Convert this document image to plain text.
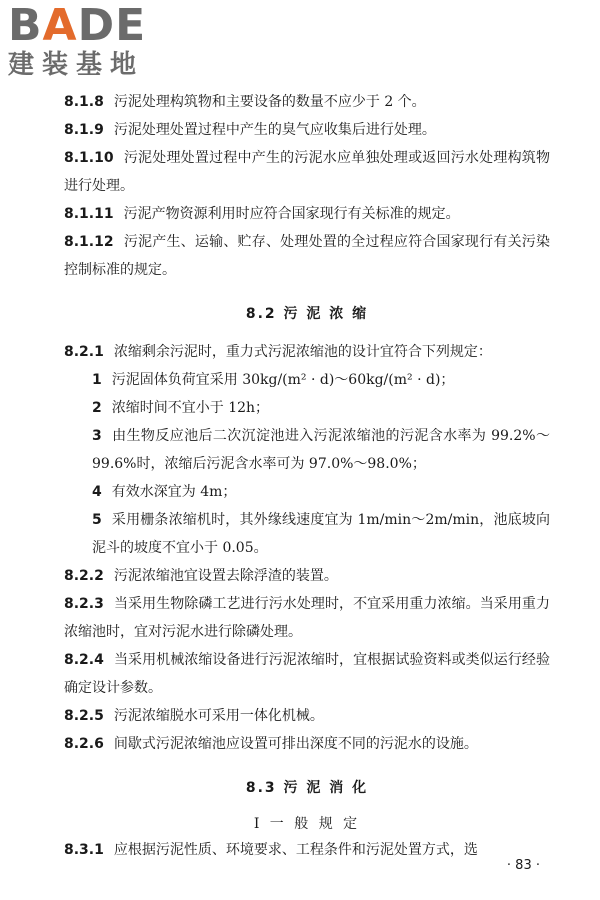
BADE
建装基地

8.1.8 污泥处理构筑物和主要设备的数量不应少于 2 个。

8.1.9 污泥处理处置过程中产生的臭气应收集后进行处理。

8.1.10 污泥处理处置过程中产生的污泥水应单独处理或返回污水处理构筑物进行处理。

8.1.11 污泥产物资源利用时应符合国家现行有关标准的规定。

8.1.12 污泥产生、运输、贮存、处理处置的全过程应符合国家现行有关污染控制标准的规定。

8.2 污 泥 浓 缩

8.2.1 浓缩剩余污泥时，重力式污泥浓缩池的设计宜符合下列规定：

1 污泥固体负荷宜采用 30kg/(m² · d)～60kg/(m² · d)；

2 浓缩时间不宜小于 12h；

3 由生物反应池后二次沉淀池进入污泥浓缩池的污泥含水率为 99.2%～99.6%时，浓缩后污泥含水率可为 97.0%～98.0%；

4 有效水深宜为 4m；

5 采用栅条浓缩机时，其外缘线速度宜为 1m/min～2m/min，池底坡向泥斗的坡度不宜小于 0.05。

8.2.2 污泥浓缩池宜设置去除浮渣的装置。

8.2.3 当采用生物除磷工艺进行污水处理时，不宜采用重力浓缩。当采用重力浓缩池时，宜对污泥水进行除磷处理。

8.2.4 当采用机械浓缩设备进行污泥浓缩时，宜根据试验资料或类似运行经验确定设计参数。

8.2.5 污泥浓缩脱水可采用一体化机械。

8.2.6 间歇式污泥浓缩池应设置可排出深度不同的污泥水的设施。

8.3 污 泥 消 化
Ⅰ 一 般 规 定

8.3.1 应根据污泥性质、环境要求、工程条件和污泥处置方式，选

· 83 ·
